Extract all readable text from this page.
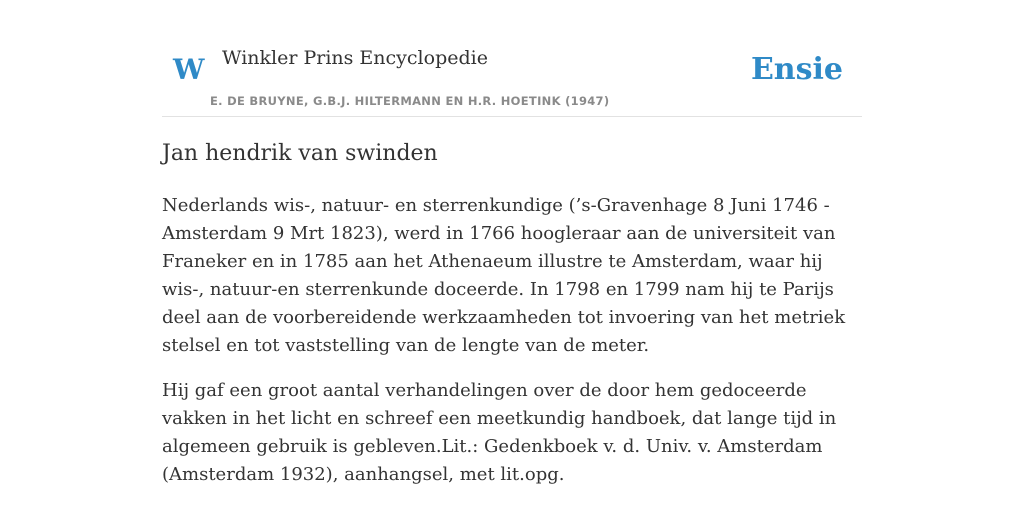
W Winkler Prins Encyclopedie
E. DE BRUYNE, G.B.J. HILTERMANN EN H.R. HOETINK (1947)
Ensie
Jan hendrik van swinden

Nederlands wis-, natuur- en sterrenkundige (’s-Gravenhage 8 Juni 1746 - Amsterdam 9 Mrt 1823), werd in 1766 hoogleraar aan de universiteit van Franeker en in 1785 aan het Athenaeum illustre te Amsterdam, waar hij wis-, natuur-en sterrenkunde doceerde. In 1798 en 1799 nam hij te Parijs deel aan de voorbereidende werkzaamheden tot invoering van het metriek stelsel en tot vaststelling van de lengte van de meter.

Hij gaf een groot aantal verhandelingen over de door hem gedoceerde vakken in het licht en schreef een meetkundig handboek, dat lange tijd in algemeen gebruik is gebleven.Lit.: Gedenkboek v. d. Univ. v. Amsterdam (Amsterdam 1932), aanhangsel, met lit.opg.
